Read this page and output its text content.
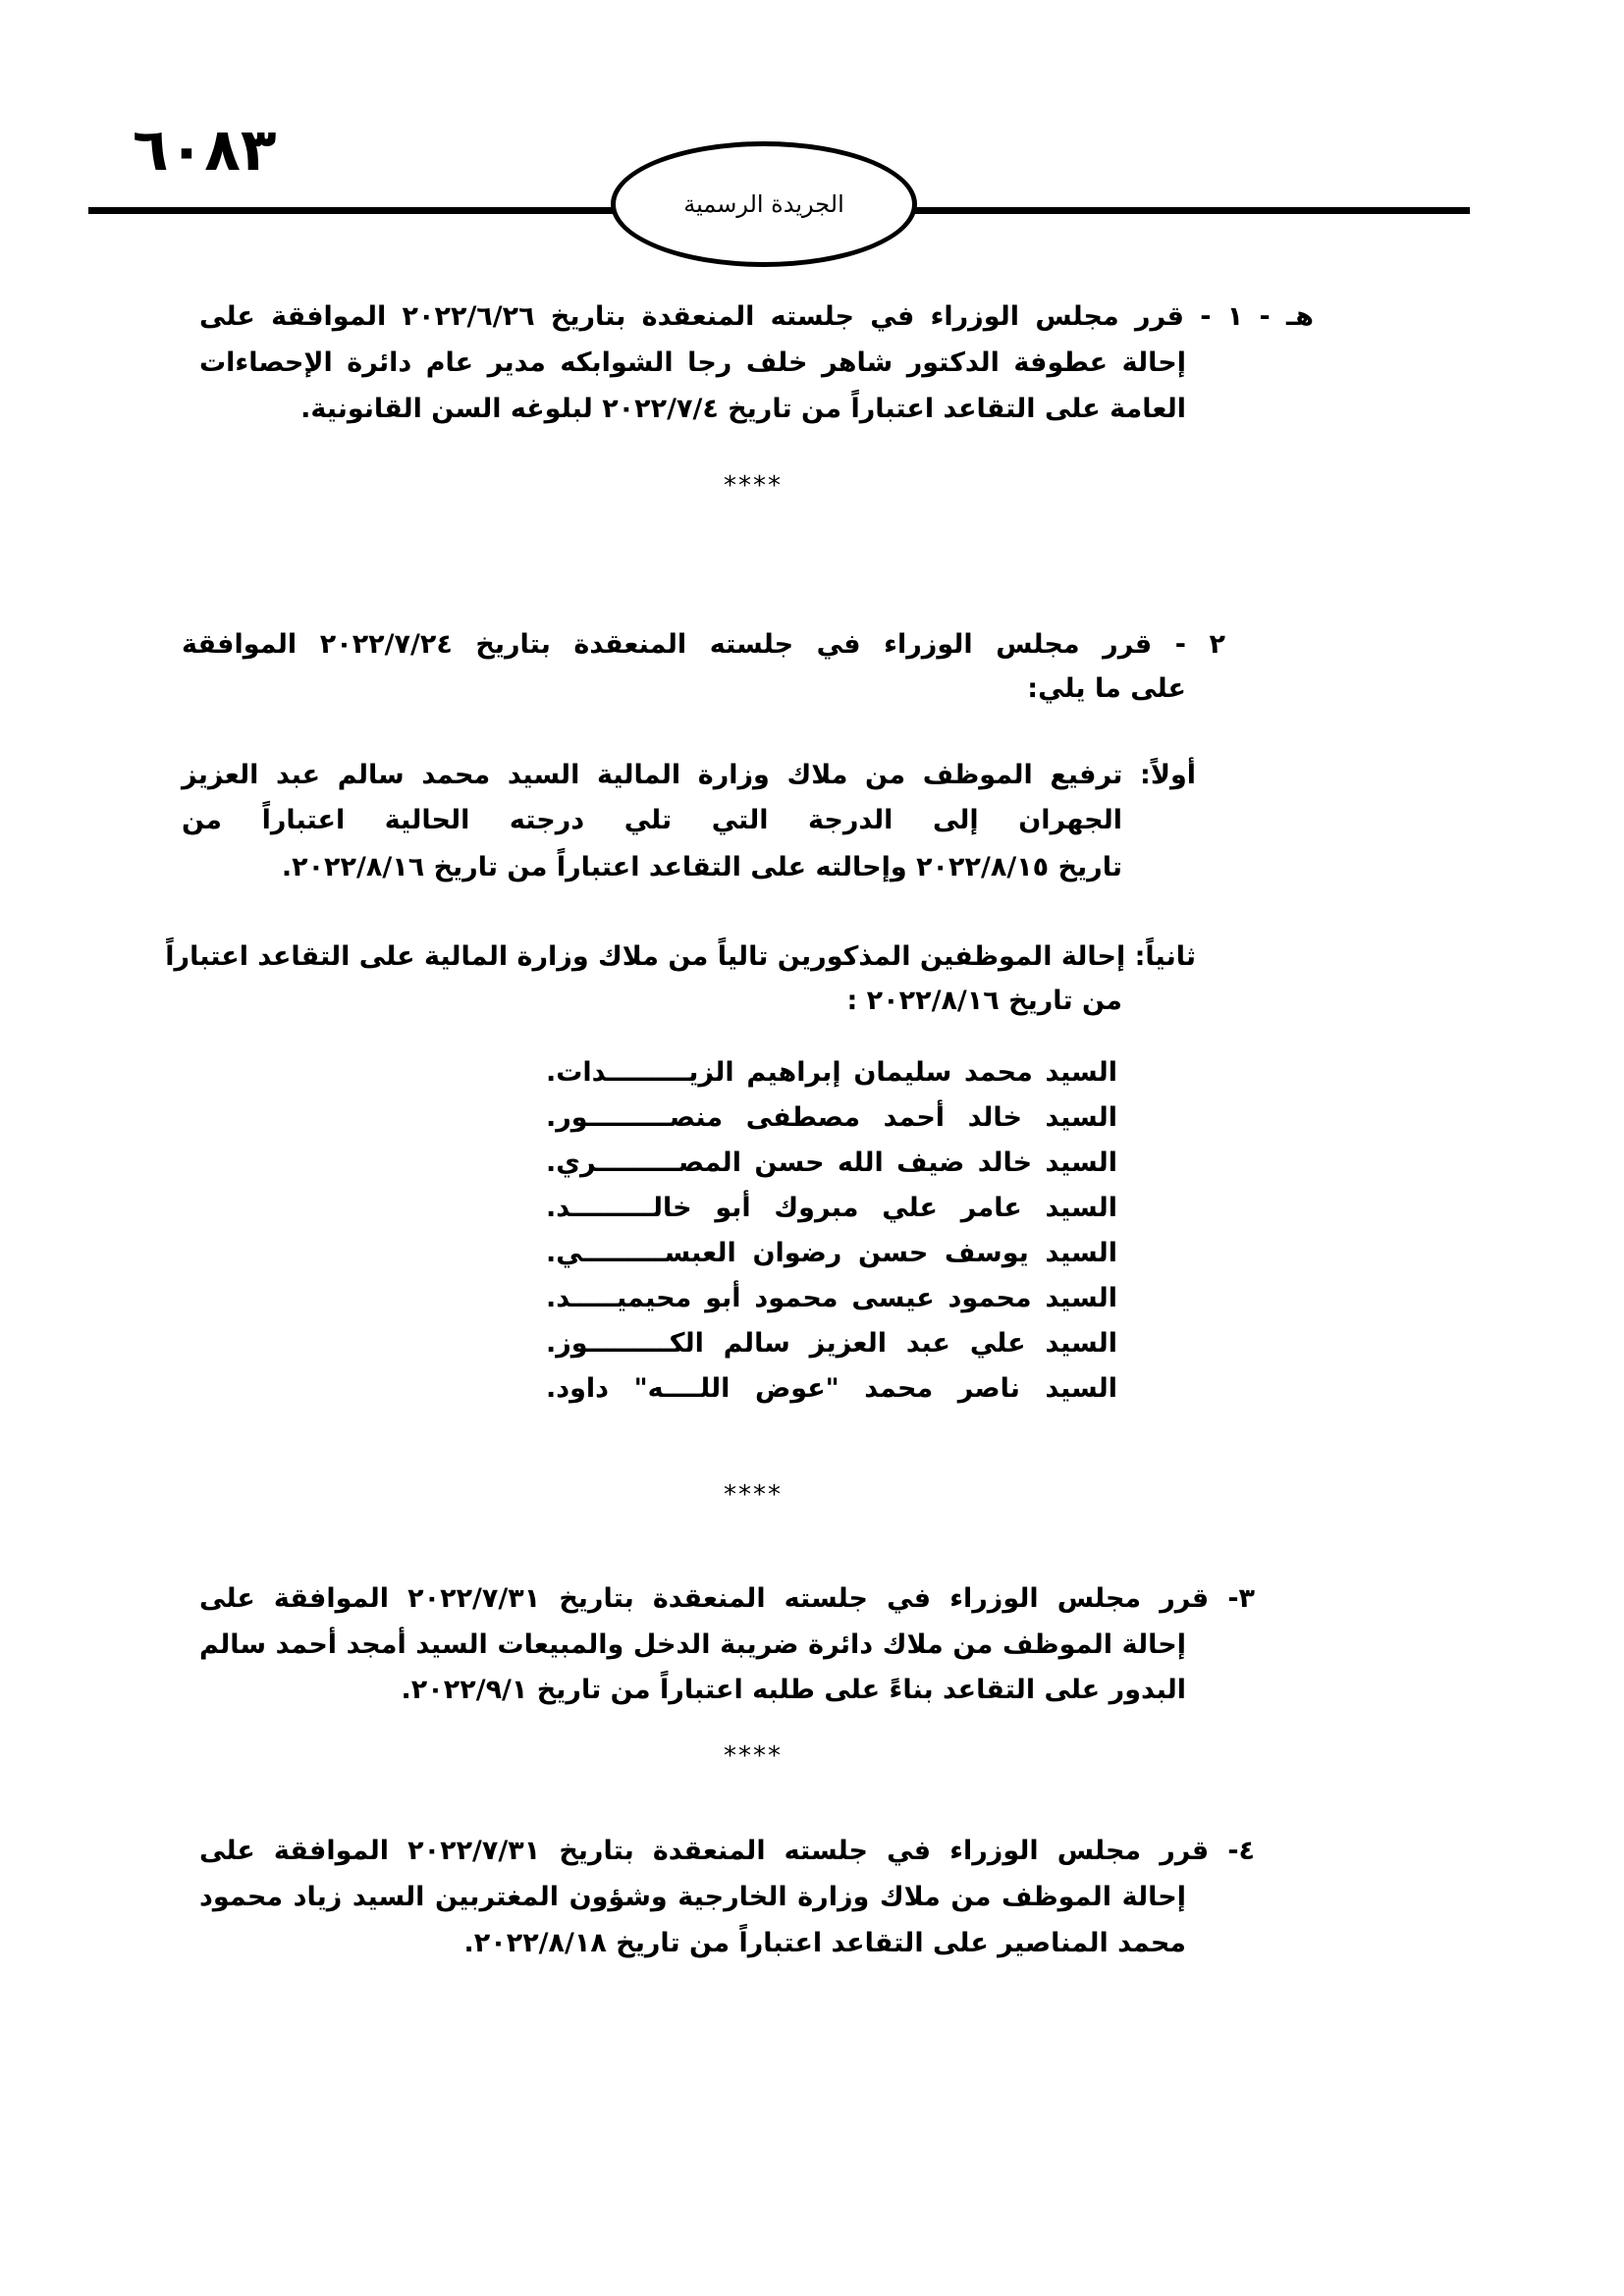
٦٠٨٣
الجريدة الرسمية
هـ - ١ - قرر مجلس الوزراء في جلسته المنعقدة بتاريخ ٢٠٢٢/٦/٢٦ الموافقة على
إحالة عطوفة الدكتور شاهر خلف رجا الشوابكه مدير عام دائرة الإحصاءات
العامة على التقاعد اعتباراً من تاريخ ٢٠٢٢/٧/٤ لبلوغه السن القانونية.
****
٢ - قرر مجلس الوزراء في جلسته المنعقدة بتاريخ ٢٠٢٢/٧/٢٤ الموافقة
على ما يلي:
أولاً: ترفيع الموظف من ملاك وزارة المالية السيد محمد سالم عبد العزيز
الجهران إلى الدرجة التي تلي درجته الحالية اعتباراً من
تاريخ ٢٠٢٢/٨/١٥ وإحالته على التقاعد اعتباراً من تاريخ ٢٠٢٢/٨/١٦.
ثانياً: إحالة الموظفين المذكورين تالياً من ملاك وزارة المالية على التقاعد اعتباراً
من تاريخ ٢٠٢٢/٨/١٦ :
السيد محمد سليمان إبراهيم الزيـــــــــدات.
السيد خالد أحمد مصطفى منصـــــــــور.
السيد خالد ضيف الله حسن المصـــــــــري.
السيد عامر علي مبروك أبو خالـــــــــد.
السيد يوسف حسن رضوان العبســـــــــي.
السيد محمود عيسى محمود أبو محيميـــــد.
السيد علي عبد العزيز سالم الكـــــــــوز.
السيد ناصر محمد "عوض اللــــه" داود.
****
٣- قرر مجلس الوزراء في جلسته المنعقدة بتاريخ ٢٠٢٢/٧/٣١ الموافقة على
إحالة الموظف من ملاك دائرة ضريبة الدخل والمبيعات السيد أمجد أحمد سالم
البدور على التقاعد بناءً على طلبه اعتباراً من تاريخ ٢٠٢٢/٩/١.
****
٤- قرر مجلس الوزراء في جلسته المنعقدة بتاريخ ٢٠٢٢/٧/٣١ الموافقة على
إحالة الموظف من ملاك وزارة الخارجية وشؤون المغتربين السيد زياد محمود
محمد المناصير على التقاعد اعتباراً من تاريخ ٢٠٢٢/٨/١٨.
